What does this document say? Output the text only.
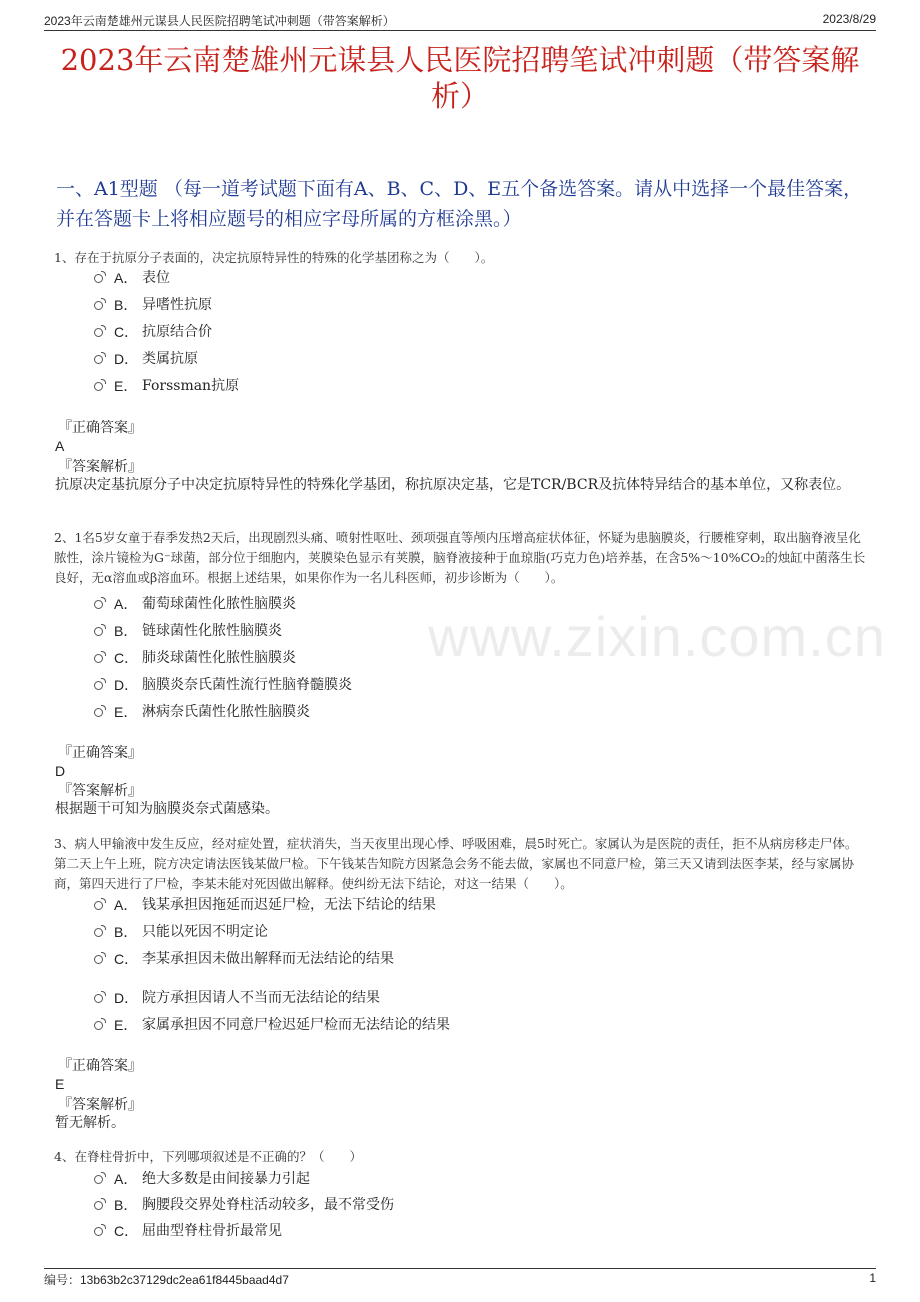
2023年云南楚雄州元谋县人民医院招聘笔试冲刺题（带答案解析）	2023/8/29
2023年云南楚雄州元谋县人民医院招聘笔试冲刺题（带答案解析）
一、A1型题 （每一道考试题下面有A、B、C、D、E五个备选答案。请从中选择一个最佳答案，并在答题卡上将相应题号的相应字母所属的方框涂黑。）
www.zixin.com.cn
1、存在于抗原分子表面的，决定抗原特异性的特殊的化学基团称之为（　　）。
A． 表位
B． 异嗜性抗原
C． 抗原结合价
D． 类属抗原
E． Forssman抗原
『正确答案』
A
『答案解析』
抗原决定基抗原分子中决定抗原特异性的特殊化学基团，称抗原决定基，它是TCR/BCR及抗体特异结合的基本单位，又称表位。
2、1名5岁女童于春季发热2天后，出现剧烈头痛、喷射性呕吐、颈项强直等颅内压增高症状体征，怀疑为患脑膜炎，行腰椎穿刺，取出脑脊液呈化脓性，涂片镜检为G⁻球菌，部分位于细胞内，荚膜染色显示有荚膜，脑脊液接种于血琼脂(巧克力色)培养基，在含5%～10%CO₂的烛缸中菌落生长良好，无α溶血或β溶血环。根据上述结果，如果你作为一名儿科医师，初步诊断为（　　）。
A． 葡萄球菌性化脓性脑膜炎
B． 链球菌性化脓性脑膜炎
C． 肺炎球菌性化脓性脑膜炎
D． 脑膜炎奈氏菌性流行性脑脊髓膜炎
E． 淋病奈氏菌性化脓性脑膜炎
『正确答案』
D
『答案解析』
根据题干可知为脑膜炎奈式菌感染。
3、病人甲输液中发生反应，经对症处置，症状消失，当天夜里出现心悸、呼吸困难，晨5时死亡。家属认为是医院的责任，拒不从病房移走尸体。第二天上午上班，院方决定请法医钱某做尸检。下午钱某告知院方因紧急会务不能去做，家属也不同意尸检，第三天又请到法医李某，经与家属协商，第四天进行了尸检，李某未能对死因做出解释。使纠纷无法下结论，对这一结果（　　）。
A． 钱某承担因拖延而迟延尸检，无法下结论的结果
B． 只能以死因不明定论
C． 李某承担因未做出解释而无法结论的结果
D． 院方承担因请人不当而无法结论的结果
E． 家属承担因不同意尸检迟延尸检而无法结论的结果
『正确答案』
E
『答案解析』
暂无解析。
4、在脊柱骨折中，下列哪项叙述是不正确的？（　　）
A． 绝大多数是由间接暴力引起
B． 胸腰段交界处脊柱活动较多，最不常受伤
C． 屈曲型脊柱骨折最常见
编号：13b63b2c37129dc2ea61f8445baad4d7	1
